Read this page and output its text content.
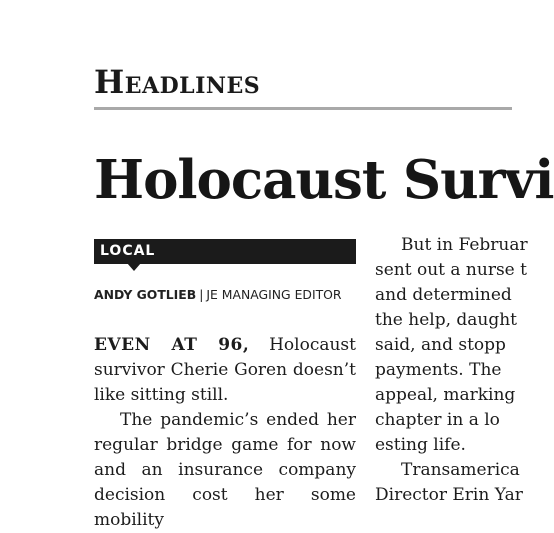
Headlines
Holocaust Survi
LOCAL
ANDY GOTLIEB | JE MANAGING EDITOR
EVEN AT 96, Holocaust
survivor Cherie Goren doesn’t
like sitting still.
The pandemic’s ended her
regular bridge game for now
and an insurance company
decision cost her some mobility
But in Februar
sent out a nurse t
and determined
the help, daught
said, and stopp
payments. The
appeal, marking
chapter in a lo
esting life.
Transamerica
Director Erin Yar
